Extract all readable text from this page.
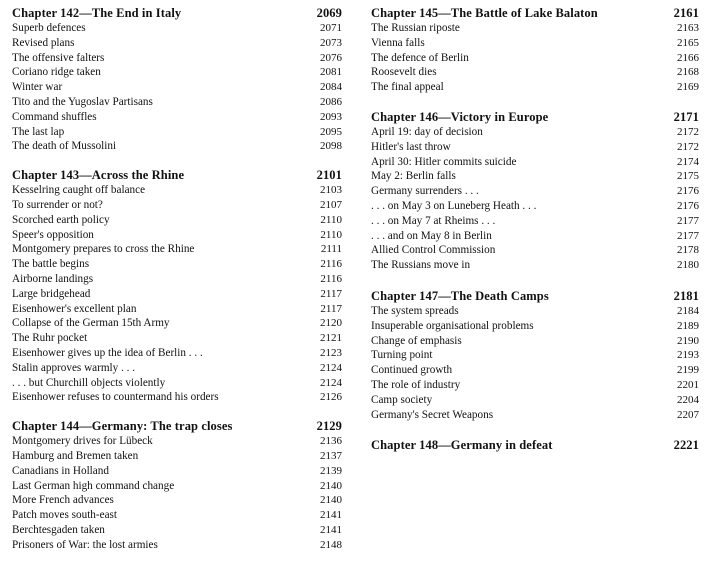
Chapter 142—The End in Italy	2069
Superb defences	2071
Revised plans	2073
The offensive falters	2076
Coriano ridge taken	2081
Winter war	2084
Tito and the Yugoslav Partisans	2086
Command shuffles	2093
The last lap	2095
The death of Mussolini	2098
Chapter 143—Across the Rhine	2101
Kesselring caught off balance	2103
To surrender or not?	2107
Scorched earth policy	2110
Speer's opposition	2110
Montgomery prepares to cross the Rhine	2111
The battle begins	2116
Airborne landings	2116
Large bridgehead	2117
Eisenhower's excellent plan	2117
Collapse of the German 15th Army	2120
The Ruhr pocket	2121
Eisenhower gives up the idea of Berlin . . .	2123
Stalin approves warmly . . .	2124
. . . but Churchill objects violently	2124
Eisenhower refuses to countermand his orders	2126
Chapter 144—Germany: The trap closes	2129
Montgomery drives for Lübeck	2136
Hamburg and Bremen taken	2137
Canadians in Holland	2139
Last German high command change	2140
More French advances	2140
Patch moves south-east	2141
Berchtesgaden taken	2141
Prisoners of War: the lost armies	2148
Chapter 145—The Battle of Lake Balaton	2161
The Russian riposte	2163
Vienna falls	2165
The defence of Berlin	2166
Roosevelt dies	2168
The final appeal	2169
Chapter 146—Victory in Europe	2171
April 19: day of decision	2172
Hitler's last throw	2172
April 30: Hitler commits suicide	2174
May 2: Berlin falls	2175
Germany surrenders . . .	2176
. . . on May 3 on Luneberg Heath . . .	2176
. . . on May 7 at Rheims . . .	2177
. . . and on May 8 in Berlin	2177
Allied Control Commission	2178
The Russians move in	2180
Chapter 147—The Death Camps	2181
The system spreads	2184
Insuperable organisational problems	2189
Change of emphasis	2190
Turning point	2193
Continued growth	2199
The role of industry	2201
Camp society	2204
Germany's Secret Weapons	2207
Chapter 148—Germany in defeat	2221
